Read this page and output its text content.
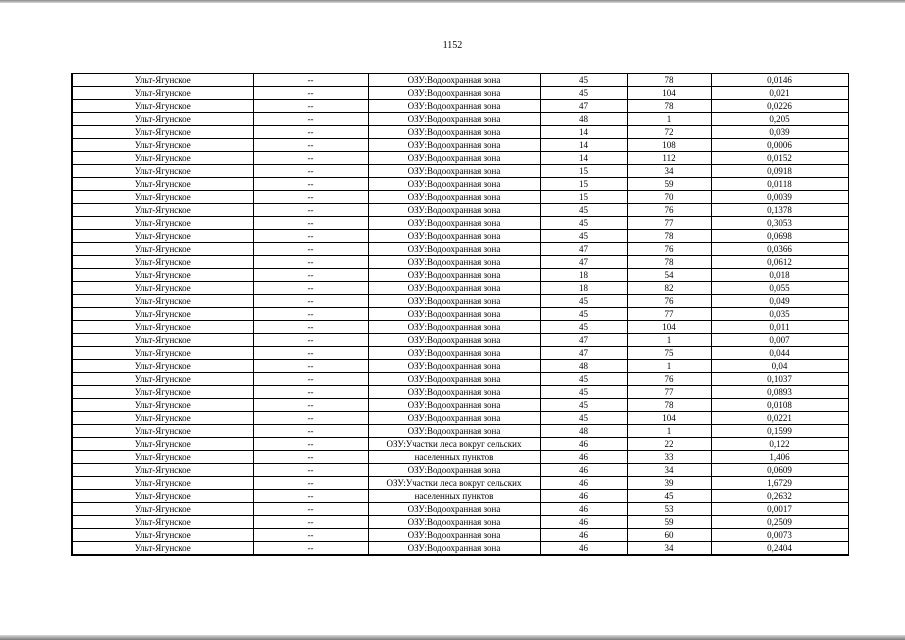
1152
Ульт-Ягунское	--	ОЗУ:Водоохранная зона	45	78	0,0146
Ульт-Ягунское	--	ОЗУ:Водоохранная зона	45	104	0,021
Ульт-Ягунское	--	ОЗУ:Водоохранная зона	47	78	0,0226
Ульт-Ягунское	--	ОЗУ:Водоохранная зона	48	1	0,205
Ульт-Ягунское	--	ОЗУ:Водоохранная зона	14	72	0,039
Ульт-Ягунское	--	ОЗУ:Водоохранная зона	14	108	0,0006
Ульт-Ягунское	--	ОЗУ:Водоохранная зона	14	112	0,0152
Ульт-Ягунское	--	ОЗУ:Водоохранная зона	15	34	0,0918
Ульт-Ягунское	--	ОЗУ:Водоохранная зона	15	59	0,0118
Ульт-Ягунское	--	ОЗУ:Водоохранная зона	15	70	0,0039
Ульт-Ягунское	--	ОЗУ:Водоохранная зона	45	76	0,1378
Ульт-Ягунское	--	ОЗУ:Водоохранная зона	45	77	0,3053
Ульт-Ягунское	--	ОЗУ:Водоохранная зона	45	78	0,0698
Ульт-Ягунское	--	ОЗУ:Водоохранная зона	47	76	0,0366
Ульт-Ягунское	--	ОЗУ:Водоохранная зона	47	78	0,0612
Ульт-Ягунское	--	ОЗУ:Водоохранная зона	18	54	0,018
Ульт-Ягунское	--	ОЗУ:Водоохранная зона	18	82	0,055
Ульт-Ягунское	--	ОЗУ:Водоохранная зона	45	76	0,049
Ульт-Ягунское	--	ОЗУ:Водоохранная зона	45	77	0,035
Ульт-Ягунское	--	ОЗУ:Водоохранная зона	45	104	0,011
Ульт-Ягунское	--	ОЗУ:Водоохранная зона	47	1	0,007
Ульт-Ягунское	--	ОЗУ:Водоохранная зона	47	75	0,044
Ульт-Ягунское	--	ОЗУ:Водоохранная зона	48	1	0,04
Ульт-Ягунское	--	ОЗУ:Водоохранная зона	45	76	0,1037
Ульт-Ягунское	--	ОЗУ:Водоохранная зона	45	77	0,0893
Ульт-Ягунское	--	ОЗУ:Водоохранная зона	45	78	0,0108
Ульт-Ягунское	--	ОЗУ:Водоохранная зона	45	104	0,0221
Ульт-Ягунское	--	ОЗУ:Водоохранная зона	48	1	0,1599
Ульт-Ягунское	--	ОЗУ:Участки леса вокруг сельских	46	22	0,122
Ульт-Ягунское	--	населенных пунктов	46	33	1,406
Ульт-Ягунское	--	ОЗУ:Водоохранная зона	46	34	0,0609
Ульт-Ягунское	--	ОЗУ:Участки леса вокруг сельских	46	39	1,6729
Ульт-Ягунское	--	населенных пунктов	46	45	0,2632
Ульт-Ягунское	--	ОЗУ:Водоохранная зона	46	53	0,0017
Ульт-Ягунское	--	ОЗУ:Водоохранная зона	46	59	0,2509
Ульт-Ягунское	--	ОЗУ:Водоохранная зона	46	60	0,0073
Ульт-Ягунское	--	ОЗУ:Водоохранная зона	46	34	0,2404
